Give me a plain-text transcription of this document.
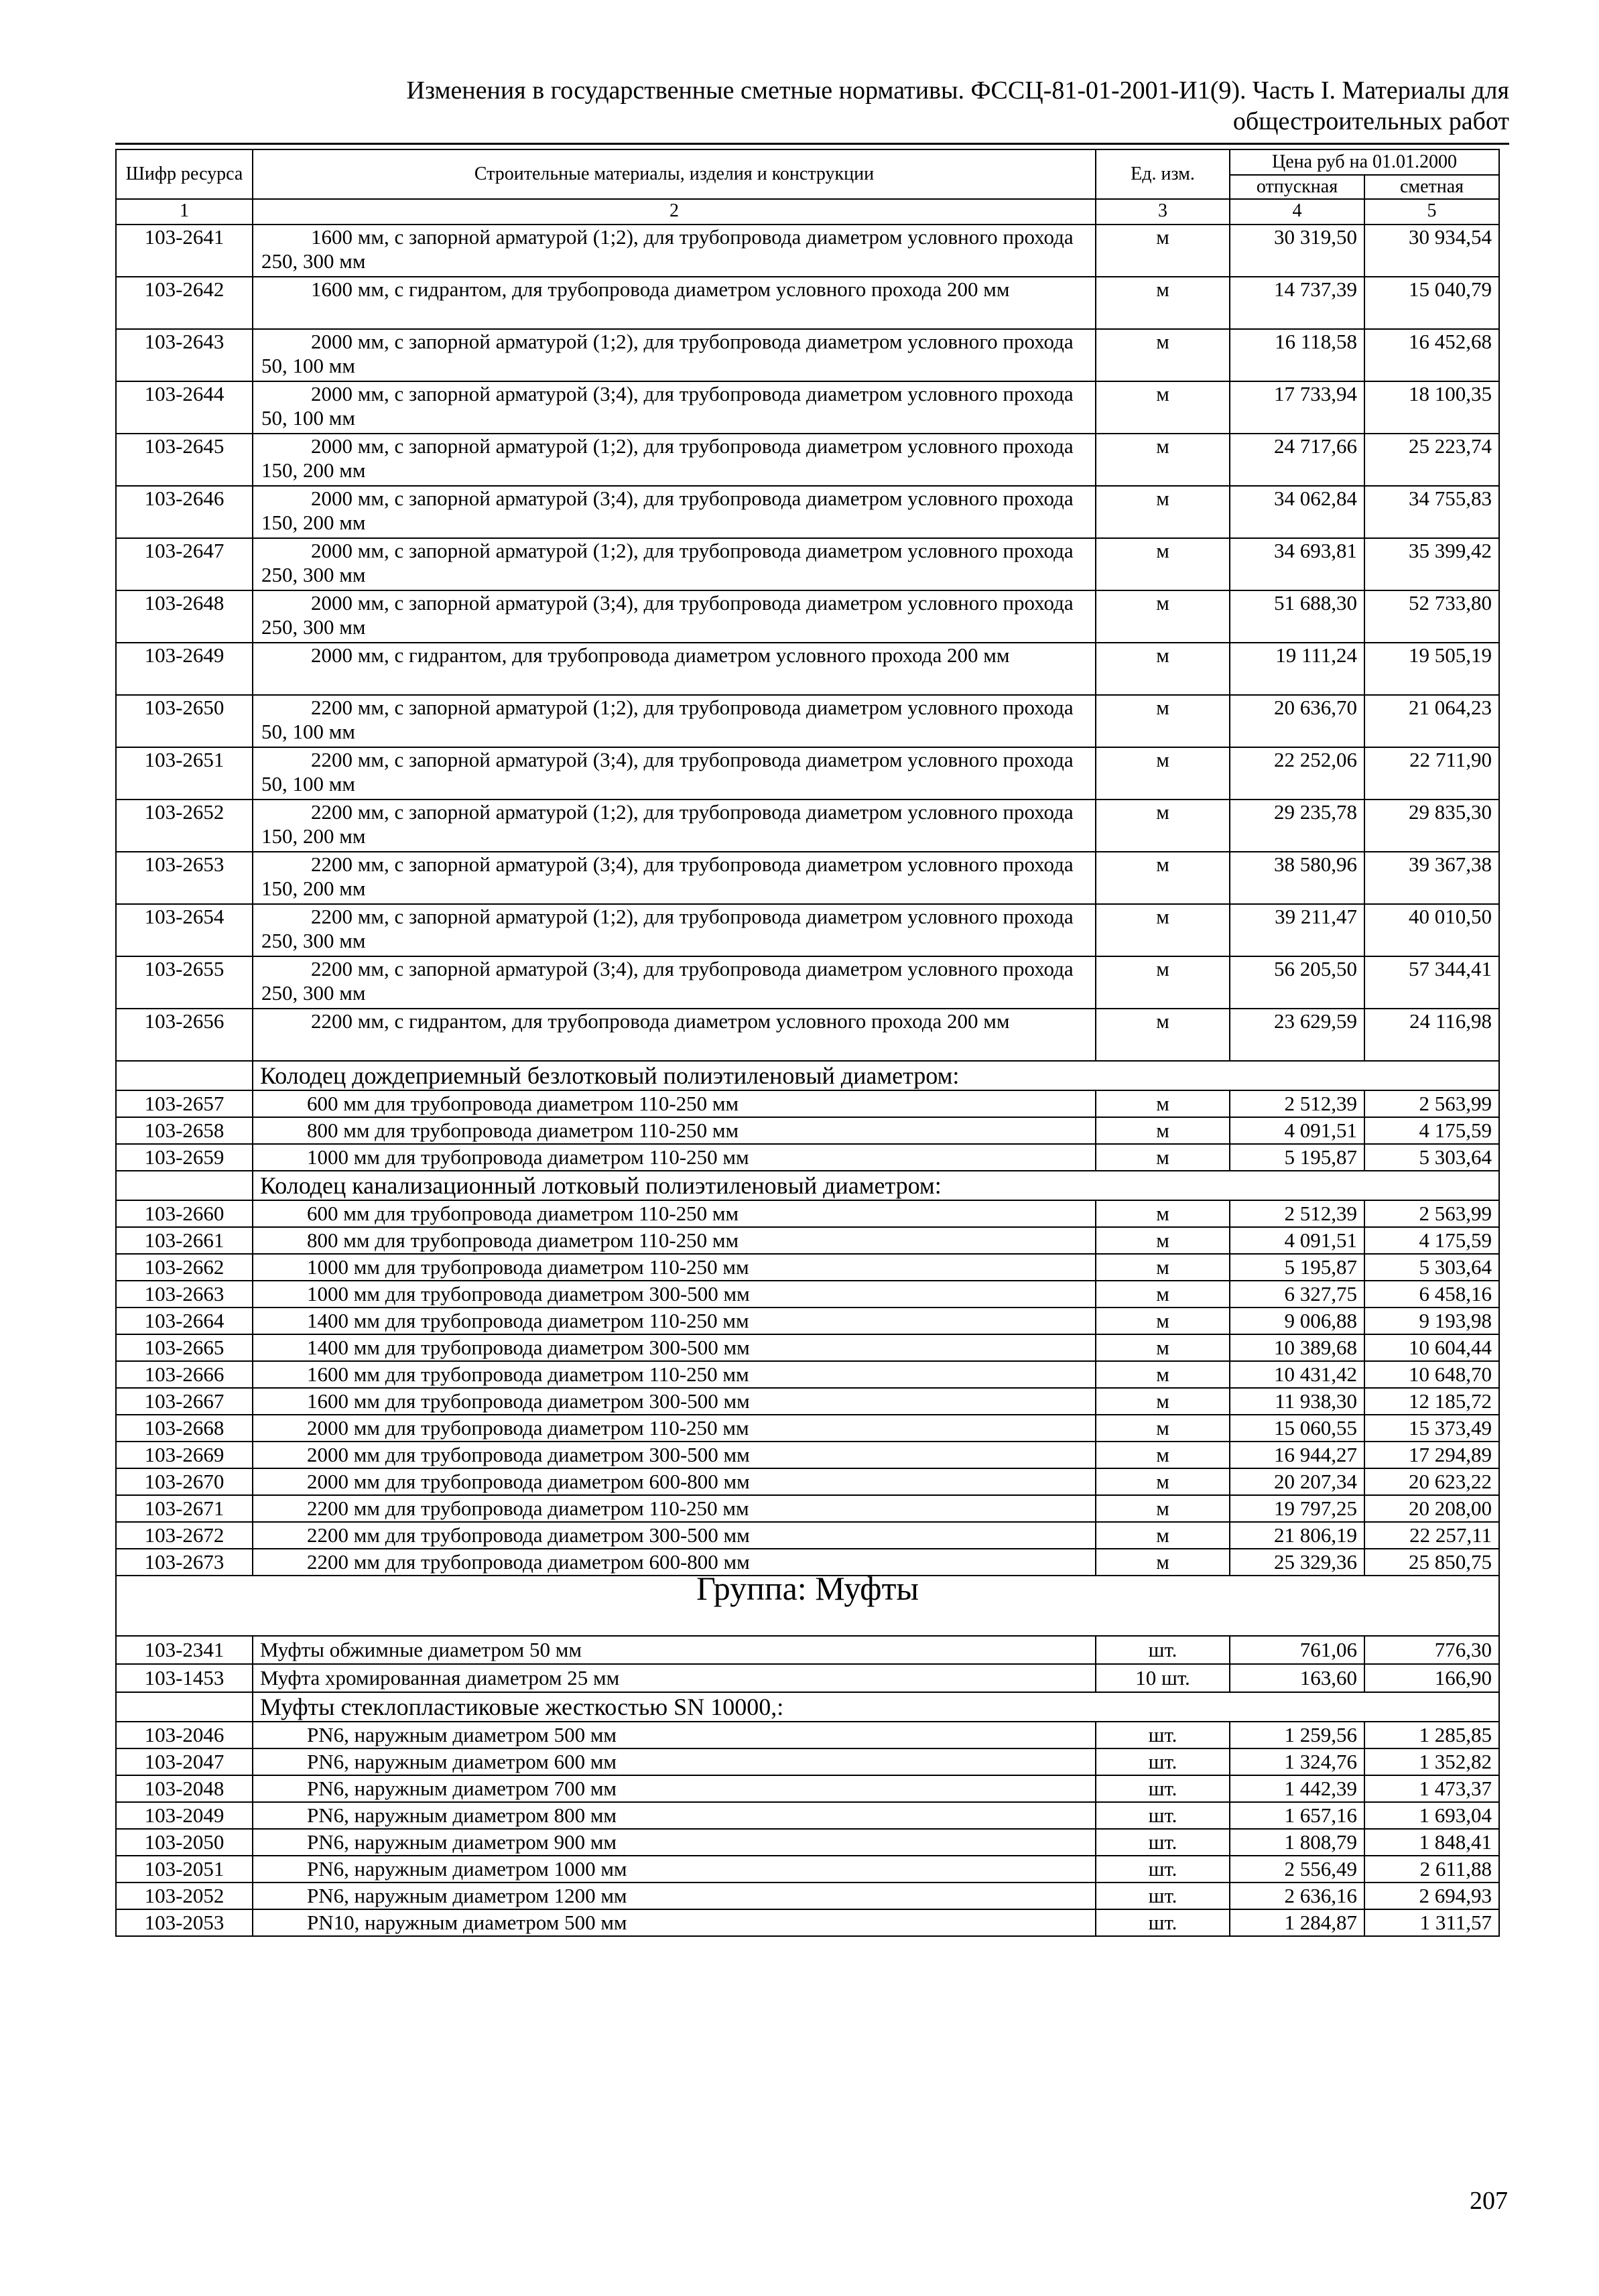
Изменения в государственные сметные нормативы. ФССЦ-81-01-2001-И1(9). Часть I. Материалы для
общестроительных работ
Шифр ресурса	Строительные материалы, изделия и конструкции	Ед. изм.	Цена руб на 01.01.2000	
			отпускная	сметная
1	2	3	4	5
103-2641	1600 мм, с запорной арматурой (1;2), для трубопровода диаметром условного прохода 250, 300 мм	м	30 319,50	30 934,54
103-2642	1600 мм, с гидрантом, для трубопровода диаметром условного прохода 200 мм	м	14 737,39	15 040,79
103-2643	2000 мм, с запорной арматурой (1;2), для трубопровода диаметром условного прохода 50, 100 мм	м	16 118,58	16 452,68
103-2644	2000 мм, с запорной арматурой (3;4), для трубопровода диаметром условного прохода 50, 100 мм	м	17 733,94	18 100,35
103-2645	2000 мм, с запорной арматурой (1;2), для трубопровода диаметром условного прохода 150, 200 мм	м	24 717,66	25 223,74
103-2646	2000 мм, с запорной арматурой (3;4), для трубопровода диаметром условного прохода 150, 200 мм	м	34 062,84	34 755,83
103-2647	2000 мм, с запорной арматурой (1;2), для трубопровода диаметром условного прохода 250, 300 мм	м	34 693,81	35 399,42
103-2648	2000 мм, с запорной арматурой (3;4), для трубопровода диаметром условного прохода 250, 300 мм	м	51 688,30	52 733,80
103-2649	2000 мм, с гидрантом, для трубопровода диаметром условного прохода 200 мм	м	19 111,24	19 505,19
103-2650	2200 мм, с запорной арматурой (1;2), для трубопровода диаметром условного прохода 50, 100 мм	м	20 636,70	21 064,23
103-2651	2200 мм, с запорной арматурой (3;4), для трубопровода диаметром условного прохода 50, 100 мм	м	22 252,06	22 711,90
103-2652	2200 мм, с запорной арматурой (1;2), для трубопровода диаметром условного прохода 150, 200 мм	м	29 235,78	29 835,30
103-2653	2200 мм, с запорной арматурой (3;4), для трубопровода диаметром условного прохода 150, 200 мм	м	38 580,96	39 367,38
103-2654	2200 мм, с запорной арматурой (1;2), для трубопровода диаметром условного прохода 250, 300 мм	м	39 211,47	40 010,50
103-2655	2200 мм, с запорной арматурой (3;4), для трубопровода диаметром условного прохода 250, 300 мм	м	56 205,50	57 344,41
103-2656	2200 мм, с гидрантом, для трубопровода диаметром условного прохода 200 мм	м	23 629,59	24 116,98
	Колодец дождеприемный безлотковый полиэтиленовый диаметром:			
103-2657	600 мм для трубопровода диаметром 110-250 мм	м	2 512,39	2 563,99
103-2658	800 мм для трубопровода диаметром 110-250 мм	м	4 091,51	4 175,59
103-2659	1000 мм для трубопровода диаметром 110-250 мм	м	5 195,87	5 303,64
	Колодец канализационный лотковый полиэтиленовый диаметром:			
103-2660	600 мм для трубопровода диаметром 110-250 мм	м	2 512,39	2 563,99
103-2661	800 мм для трубопровода диаметром 110-250 мм	м	4 091,51	4 175,59
103-2662	1000 мм для трубопровода диаметром 110-250 мм	м	5 195,87	5 303,64
103-2663	1000 мм для трубопровода диаметром 300-500 мм	м	6 327,75	6 458,16
103-2664	1400 мм для трубопровода диаметром 110-250 мм	м	9 006,88	9 193,98
103-2665	1400 мм для трубопровода диаметром 300-500 мм	м	10 389,68	10 604,44
103-2666	1600 мм для трубопровода диаметром 110-250 мм	м	10 431,42	10 648,70
103-2667	1600 мм для трубопровода диаметром 300-500 мм	м	11 938,30	12 185,72
103-2668	2000 мм для трубопровода диаметром 110-250 мм	м	15 060,55	15 373,49
103-2669	2000 мм для трубопровода диаметром 300-500 мм	м	16 944,27	17 294,89
103-2670	2000 мм для трубопровода диаметром 600-800 мм	м	20 207,34	20 623,22
103-2671	2200 мм для трубопровода диаметром 110-250 мм	м	19 797,25	20 208,00
103-2672	2200 мм для трубопровода диаметром 300-500 мм	м	21 806,19	22 257,11
103-2673	2200 мм для трубопровода диаметром 600-800 мм	м	25 329,36	25 850,75
Группа: Муфты				
103-2341	Муфты обжимные диаметром 50 мм	шт.	761,06	776,30
103-1453	Муфта хромированная диаметром 25 мм	10 шт.	163,60	166,90
	Муфты стеклопластиковые жесткостью SN 10000,:			
103-2046	PN6, наружным диаметром 500 мм	шт.	1 259,56	1 285,85
103-2047	PN6, наружным диаметром 600 мм	шт.	1 324,76	1 352,82
103-2048	PN6, наружным диаметром 700 мм	шт.	1 442,39	1 473,37
103-2049	PN6, наружным диаметром 800 мм	шт.	1 657,16	1 693,04
103-2050	PN6, наружным диаметром 900 мм	шт.	1 808,79	1 848,41
103-2051	PN6, наружным диаметром 1000 мм	шт.	2 556,49	2 611,88
103-2052	PN6, наружным диаметром 1200 мм	шт.	2 636,16	2 694,93
103-2053	PN10, наружным диаметром 500 мм	шт.	1 284,87	1 311,57
207
